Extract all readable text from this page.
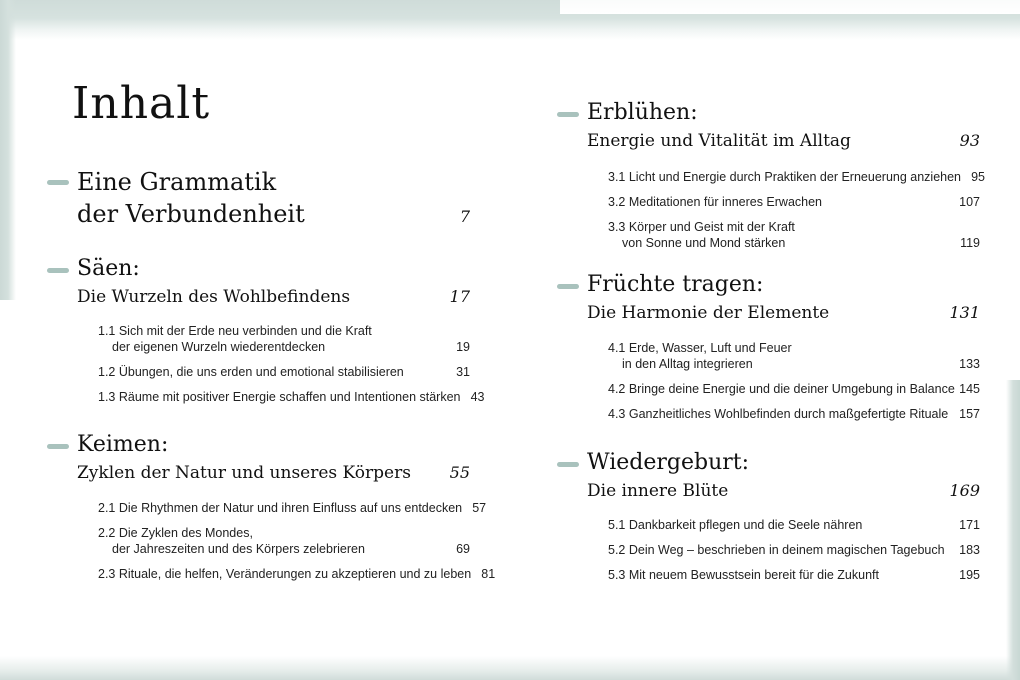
Inhalt
Eine Grammatik
der Verbundenheit	7
Säen:
Die Wurzeln des Wohlbefindens	17
1.1 Sich mit der Erde neu verbinden und die Kraft
der eigenen Wurzeln wiederentdecken	19
1.2 Übungen, die uns erden und emotional stabilisieren	31
1.3 Räume mit positiver Energie schaffen und Intentionen stärken 43
Keimen:
Zyklen der Natur und unseres Körpers 55
2.1 Die Rhythmen der Natur und ihren Einfluss auf uns entdecken 57
2.2 Die Zyklen des Mondes,
der Jahreszeiten und des Körpers zelebrieren	69
2.3 Rituale, die helfen, Veränderungen zu akzeptieren und zu leben 81
Erblühen:
Energie und Vitalität im Alltag	93
3.1 Licht und Energie durch Praktiken der Erneuerung anziehen 95
3.2 Meditationen für inneres Erwachen	107
3.3 Körper und Geist mit der Kraft
von Sonne und Mond stärken	119
Früchte tragen:
Die Harmonie der Elemente	131
4.1 Erde, Wasser, Luft und Feuer
in den Alltag integrieren	133
4.2 Bringe deine Energie und die deiner Umgebung in Balance 145
4.3 Ganzheitliches Wohlbefinden durch maßgefertigte Rituale 157
Wiedergeburt:
Die innere Blüte	169
5.1 Dankbarkeit pflegen und die Seele nähren	171
5.2 Dein Weg – beschrieben in deinem magischen Tagebuch 183
5.3 Mit neuem Bewusstsein bereit für die Zukunft	195
